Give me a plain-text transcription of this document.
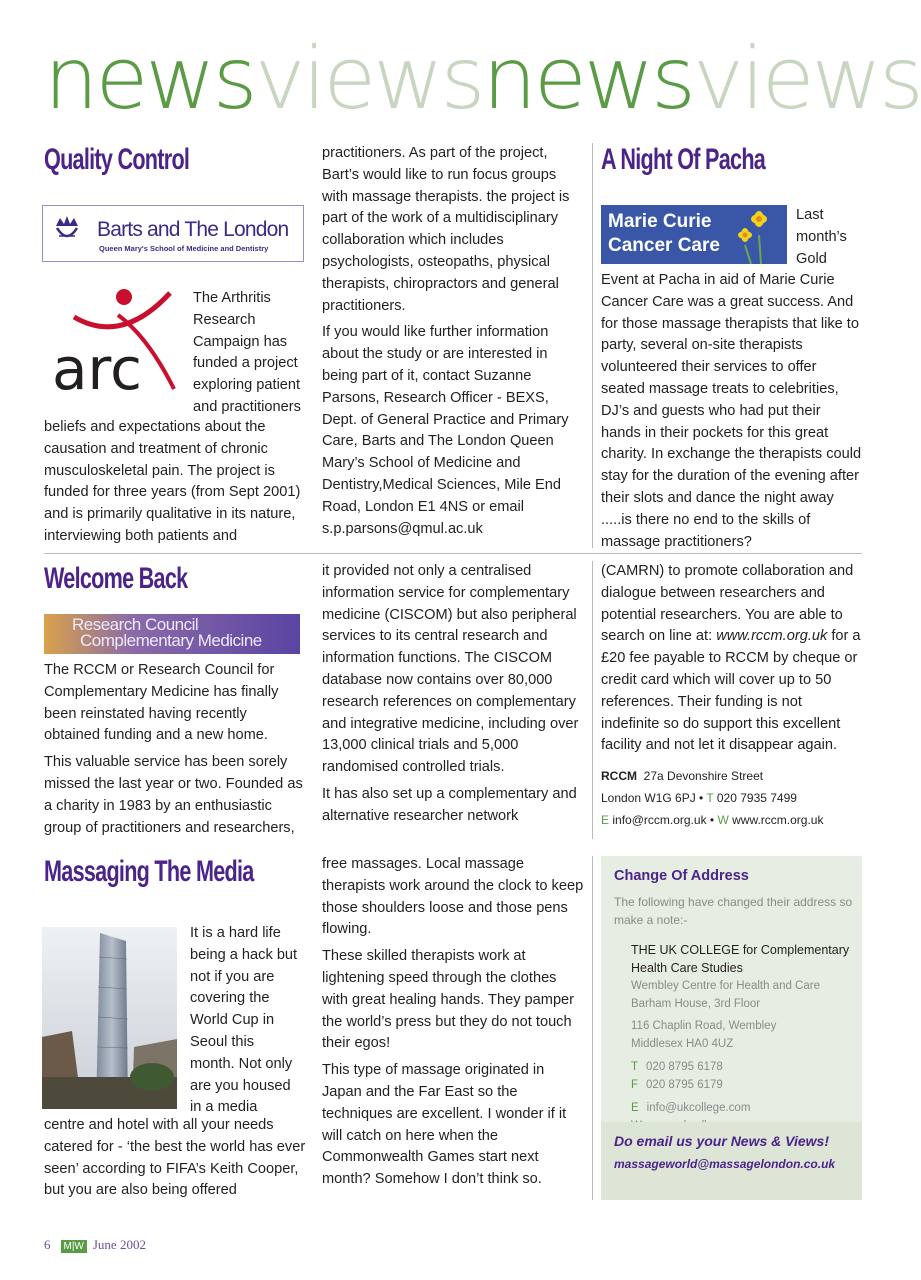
newsviewsnewsviews
Quality Control
Barts and The London
Queen Mary's School of Medicine and Dentistry
arc
The Arthritis
Research
Campaign has
funded a project
exploring patient
and practitioners

beliefs and expectations about the causation and treatment of chronic musculoskeletal pain. The project is funded for three years (from Sept 2001) and is primarily qualitative in its nature, interviewing both patients and

practitioners. As part of the project, Bart’s would like to run focus groups with massage therapists. the project is part of the work of a multidisciplinary collaboration which includes psychologists, osteopaths, physical therapists, chiropractors and general practitioners.

If you would like further information about the study or are interested in being part of it, contact Suzanne Parsons, Research Officer - BEXS, Dept. of General Practice and Primary Care, Barts and The London Queen Mary’s School of Medicine and Dentistry,Medical Sciences, Mile End Road, London E1 4NS or email s.p.parsons@qmul.ac.uk

A Night Of Pacha
Marie Curie
Cancer Care
Last
month’s
Gold

Event at Pacha in aid of Marie Curie Cancer Care was a great success. And for those massage therapists that like to party, several on-site therapists volunteered their services to offer seated massage treats to celebrities, DJ’s and guests who had put their hands in their pockets for this great charity. In exchange the therapists could stay for the duration of the evening after their slots and dance the night away .....is there no end to the skills of massage practitioners?

Welcome Back
Research Council
Complementary Medicine

The RCCM or Research Council for Complementary Medicine has finally been reinstated having recently obtained funding and a new home.

This valuable service has been sorely missed the last year or two. Founded as a charity in 1983 by an enthusiastic group of practitioners and researchers,

it provided not only a centralised information service for complementary medicine (CISCOM) but also peripheral services to its central research and information functions. The CISCOM database now contains over 80,000 research references on complementary and integrative medicine, including over 13,000 clinical trials and 5,000 randomised controlled trials.

It has also set up a complementary and alternative researcher network

(CAMRN) to promote collaboration and dialogue between researchers and potential researchers. You are able to search on line at: www.rccm.org.uk for a £20 fee payable to RCCM by cheque or credit card which will cover up to 50 references. Their funding is not indefinite so do support this excellent facility and not let it disappear again.

RCCM 27a Devonshire Street
London W1G 6PJ • T 020 7935 7499
E info@rccm.org.uk • W www.rccm.org.uk
Massaging The Media
It is a hard life
being a hack but
not if you are
covering the
World Cup in
Seoul this
month. Not only
are you housed
in a media

centre and hotel with all your needs catered for - ‘the best the world has ever seen’ according to FIFA’s Keith Cooper, but you are also being offered

free massages. Local massage therapists work around the clock to keep those shoulders loose and those pens flowing.

These skilled therapists work at lightening speed through the clothes with great healing hands. They pamper the world’s press but they do not touch their egos!

This type of massage originated in Japan and the Far East so the techniques are excellent. I wonder if it will catch on here when the Commonwealth Games start next month? Somehow I don’t think so.

Change Of Address
The following have changed their address so make a note:-
THE UK COLLEGE for Complementary Health Care Studies
Wembley Centre for Health and Care
Barham House, 3rd Floor
116 Chaplin Road, Wembley
Middlesex HA0 4UZ
T 020 8795 6178
F 020 8795 6179
E info@ukcollege.com
Do email us your News & Views!
massageworld@massagelondon.co.uk
6 M|W June 2002
